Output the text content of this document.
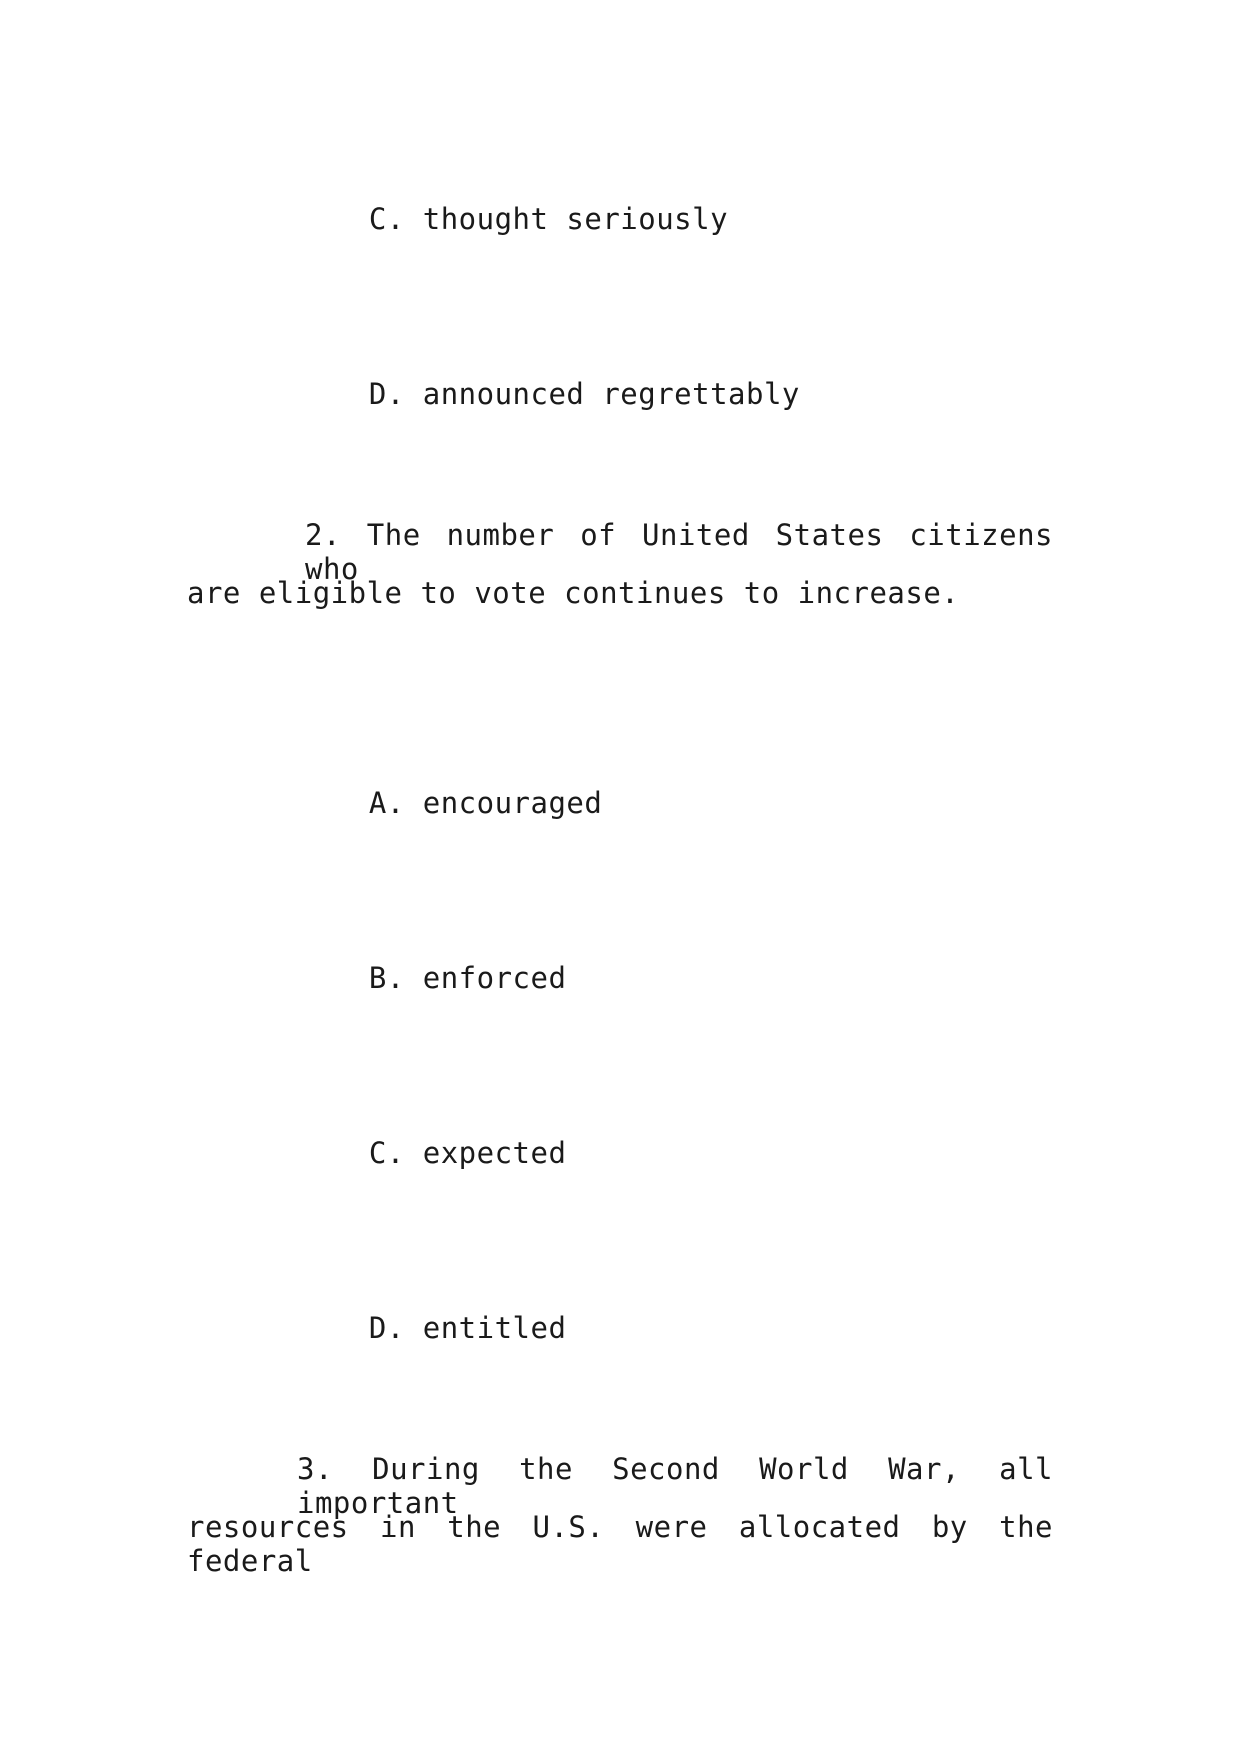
C. thought seriously

D. announced regrettably

2. The number of United States citizens who
are eligible to vote continues to increase.

A. encouraged

B. enforced

C. expected

D. entitled

3. During the Second World War, all important
resources in the U.S. were allocated by the federal
